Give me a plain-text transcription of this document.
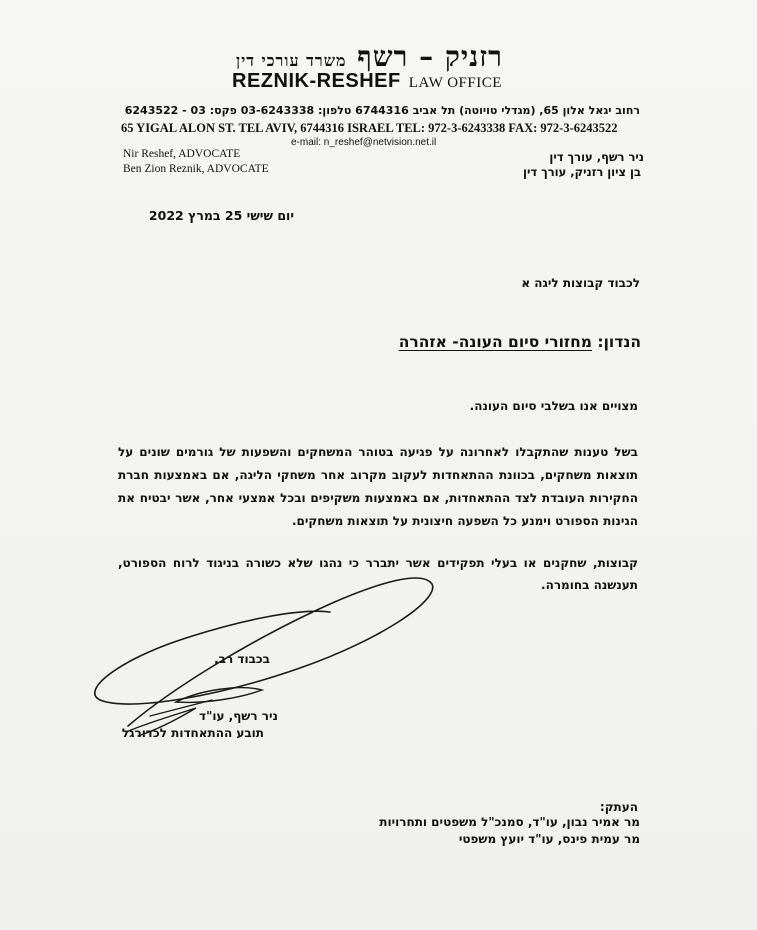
רזניק – רשף משרד עורכי דין
REZNIK-RESHEF LAW OFFICE
רחוב יגאל אלון 65, (מגדלי טויוטה) תל אביב 6744316 טלפון: 03-6243338 פקס: 03 - 6243522
65 YIGAL ALON ST. TEL AVIV, 6744316 ISRAEL TEL: 972-3-6243338 FAX: 972-3-6243522
e-mail: n_reshef@netvision.net.il
Nir Reshef, ADVOCATE
Ben Zion Reznik, ADVOCATE
ניר רשף, עורך דין
בן ציון רזניק, עורך דין
יום שישי 25 במרץ 2022
לכבוד קבוצות ליגה א
הנדון: מחזורי סיום העונה- אזהרה
מצויים אנו בשלבי סיום העונה.
בשל טענות שהתקבלו לאחרונה על פגיעה בטוהר המשחקים והשפעות של גורמים שונים על תוצאות משחקים, בכוונת ההתאחדות לעקוב מקרוב אחר משחקי הליגה, אם באמצעות חברת החקירות העובדת לצד ההתאחדות, אם באמצעות משקיפים ובכל אמצעי אחר, אשר יבטיח את הגינות הספורט וימנע כל השפעה חיצונית על תוצאות משחקים.
קבוצות, שחקנים או בעלי תפקידים אשר יתברר כי נהגו שלא כשורה בניגוד לרוח הספורט, תענשנה בחומרה.
בכבוד רב,
ניר רשף, עו"ד
תובע ההתאחדות לכדורגל
העתק:
מר אמיר נבון, עו"ד, סמנכ"ל משפטים ותחרויות
מר עמית פינס, עו"ד יועץ משפטי
